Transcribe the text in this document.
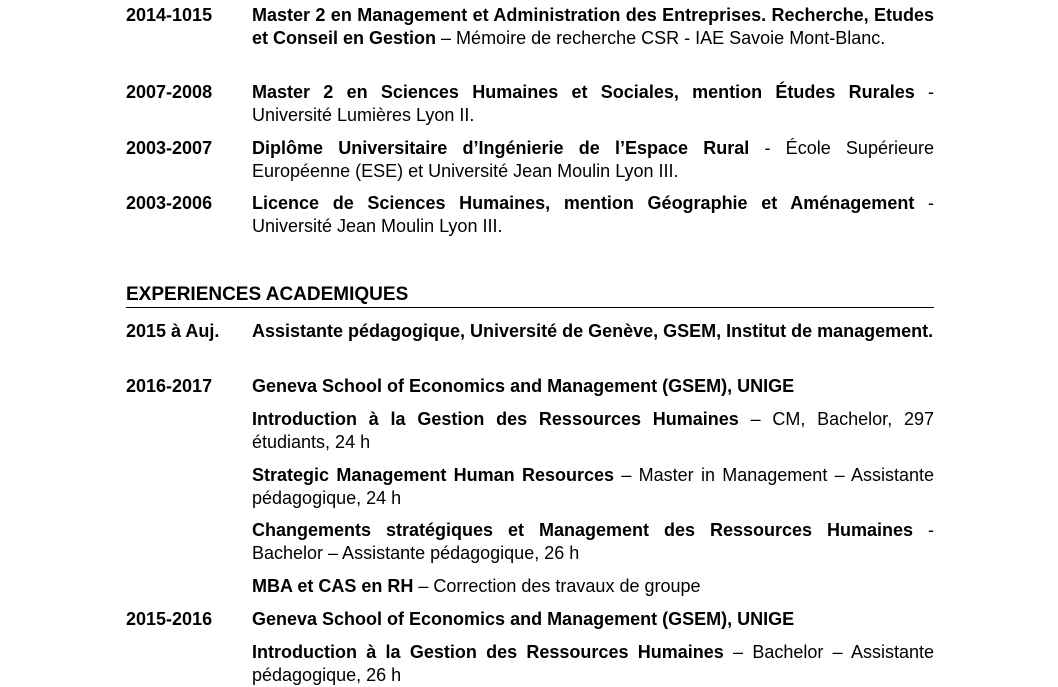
2014-1015 Master 2 en Management et Administration des Entreprises. Recherche, Etudes et Conseil en Gestion – Mémoire de recherche CSR - IAE Savoie Mont-Blanc.
2007-2008 Master 2 en Sciences Humaines et Sociales, mention Études Rurales - Université Lumières Lyon II.
2003-2007 Diplôme Universitaire d’Ingénierie de l’Espace Rural - École Supérieure Européenne (ESE) et Université Jean Moulin Lyon III.
2003-2006 Licence de Sciences Humaines, mention Géographie et Aménagement - Université Jean Moulin Lyon III.
EXPERIENCES ACADEMIQUES
2015 à Auj. Assistante pédagogique, Université de Genève, GSEM, Institut de management.
2016-2017 Geneva School of Economics and Management (GSEM), UNIGE
Introduction à la Gestion des Ressources Humaines – CM, Bachelor, 297 étudiants, 24 h
Strategic Management Human Resources – Master in Management – Assistante pédagogique, 24 h
Changements stratégiques et Management des Ressources Humaines - Bachelor – Assistante pédagogique, 26 h
MBA et CAS en RH – Correction des travaux de groupe
2015-2016 Geneva School of Economics and Management (GSEM), UNIGE
Introduction à la Gestion des Ressources Humaines – Bachelor – Assistante pédagogique, 26 h
